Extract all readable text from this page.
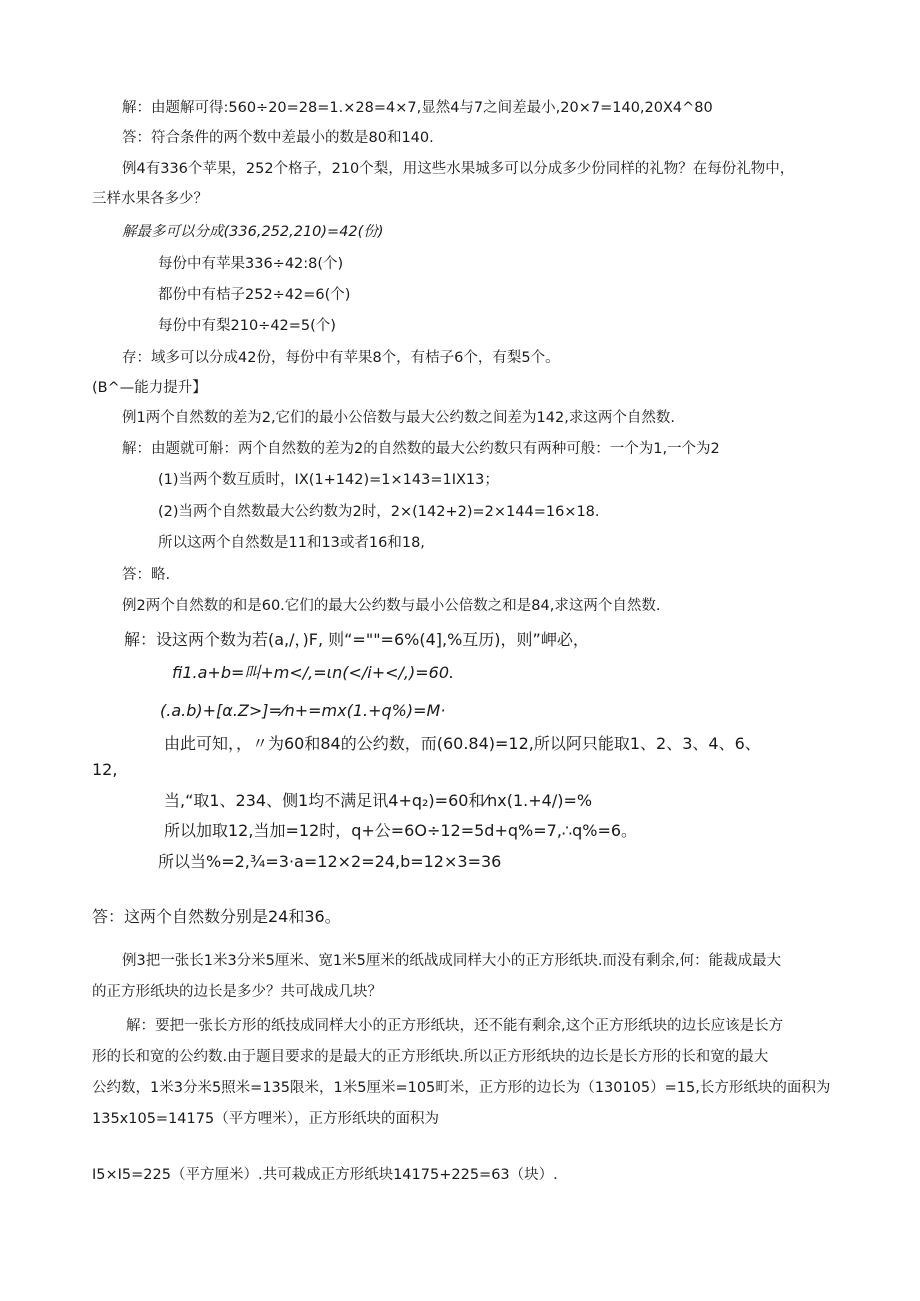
解：由题解可得:560÷20=28=1.×28=4×7,显然4与7之间差最小,20×7=140,20X4^80
答：符合条件的两个数中差最小的数是80和140.
例4有336个苹果，252个格子，210个梨，用这些水果城多可以分成多少份同样的礼物？在每份礼物中，
三样水果各多少？
解最多可以分成(336,252,210)=42(份)
每份中有苹果336÷42:8(个)
都份中有桔子252÷42=6(个)
每份中有梨210÷42=5(个)
存：域多可以分成42份，每份中有苹果8个，有桔子6个，有梨5个。
(B^—能力提升】
例1两个自然数的差为2,它们的最小公倍数与最大公约数之间差为142,求这两个自然数.
解：由题就可斛：两个自然数的差为2的自然数的最大公约数只有两种可般：一个为1,一个为2
(1)当两个数互质时，IX(1+142)=1×143=1IX13；
(2)当两个自然数最大公约数为2时，2×(142+2)=2×144=16×18.
所以这两个自然数是11和13或者16和18,
答：略.
例2两个自然数的和是60.它们的最大公约数与最小公倍数之和是84,求这两个自然数.
解：设这两个数为若(a,/，)F, 则“=""=6%(4],%互历)，则”岬必，
fi1.a+b=叫+m</,=ιn(</i+</,)=60.
(.a.b)+[α.Z>]=⁄n+=mx(1.+q%)=M·
由此可知，，〃为60和84的公约数，而(60.84)=12,所以阿只能取1、2、3、4、6、
12,
当,“取1、234、侧1均不满足讯4+q₂)=60和⁄nx(1.+4/)=%
所以加取12,当加=12时，q+公=6O÷12=5d+q%=7,∴q%=6。
所以当%=2,¾=3·a=12×2=24,b=12×3=36
答：这两个自然数分别是24和36。
例3把一张长1米3分米5厘米、宽1米5厘米的纸战成同样大小的正方形纸块.而没有剩余,何：能裁成最大
的正方形纸块的边长是多少？共可战成几块？
解：要把一张长方形的纸技成同样大小的正方形纸块，还不能有剩余,这个正方形纸块的边长应该是长方
形的长和宽的公约数.由于题目要求的是最大的正方形纸块.所以正方形纸块的边长是长方形的长和宽的最大
公约数，1米3分米5照米=135限米，1米5厘米=105町米，正方形的边长为（130105）=15,长方形纸块的面积为
135x105=14175（平方哩米），正方形纸块的面积为
I5×I5=225（平方厘米）.共可栽成正方形纸块14175+225=63（块）.
